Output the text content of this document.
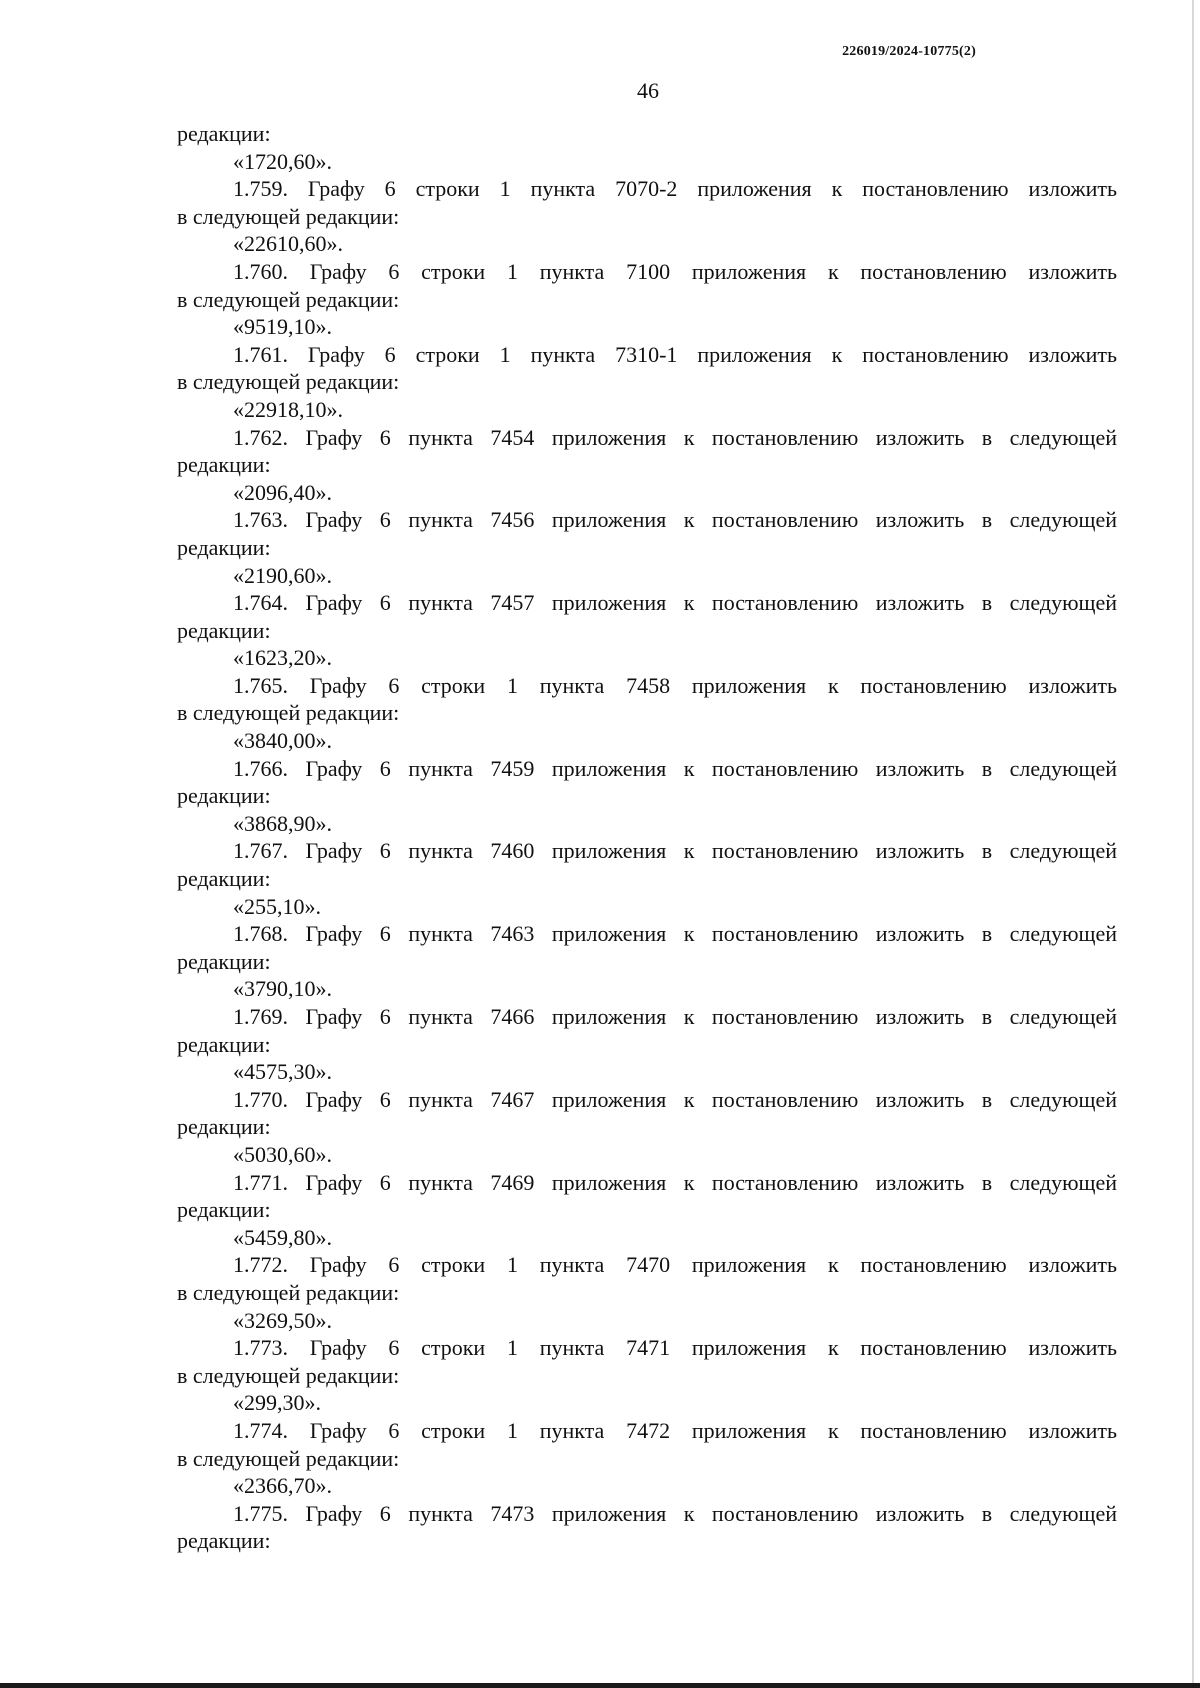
226019/2024-10775(2)
46
редакции:
«1720,60».
1.759. Графу 6 строки 1 пункта 7070-2 приложения к постановлению изложить
в следующей редакции:
«22610,60».
1.760. Графу 6 строки 1 пункта 7100 приложения к постановлению изложить
в следующей редакции:
«9519,10».
1.761. Графу 6 строки 1 пункта 7310-1 приложения к постановлению изложить
в следующей редакции:
«22918,10».
1.762. Графу 6 пункта 7454 приложения к постановлению изложить в следующей
редакции:
«2096,40».
1.763. Графу 6 пункта 7456 приложения к постановлению изложить в следующей
редакции:
«2190,60».
1.764. Графу 6 пункта 7457 приложения к постановлению изложить в следующей
редакции:
«1623,20».
1.765. Графу 6 строки 1 пункта 7458 приложения к постановлению изложить
в следующей редакции:
«3840,00».
1.766. Графу 6 пункта 7459 приложения к постановлению изложить в следующей
редакции:
«3868,90».
1.767. Графу 6 пункта 7460 приложения к постановлению изложить в следующей
редакции:
«255,10».
1.768. Графу 6 пункта 7463 приложения к постановлению изложить в следующей
редакции:
«3790,10».
1.769. Графу 6 пункта 7466 приложения к постановлению изложить в следующей
редакции:
«4575,30».
1.770. Графу 6 пункта 7467 приложения к постановлению изложить в следующей
редакции:
«5030,60».
1.771. Графу 6 пункта 7469 приложения к постановлению изложить в следующей
редакции:
«5459,80».
1.772. Графу 6 строки 1 пункта 7470 приложения к постановлению изложить
в следующей редакции:
«3269,50».
1.773. Графу 6 строки 1 пункта 7471 приложения к постановлению изложить
в следующей редакции:
«299,30».
1.774. Графу 6 строки 1 пункта 7472 приложения к постановлению изложить
в следующей редакции:
«2366,70».
1.775. Графу 6 пункта 7473 приложения к постановлению изложить в следующей
редакции:
